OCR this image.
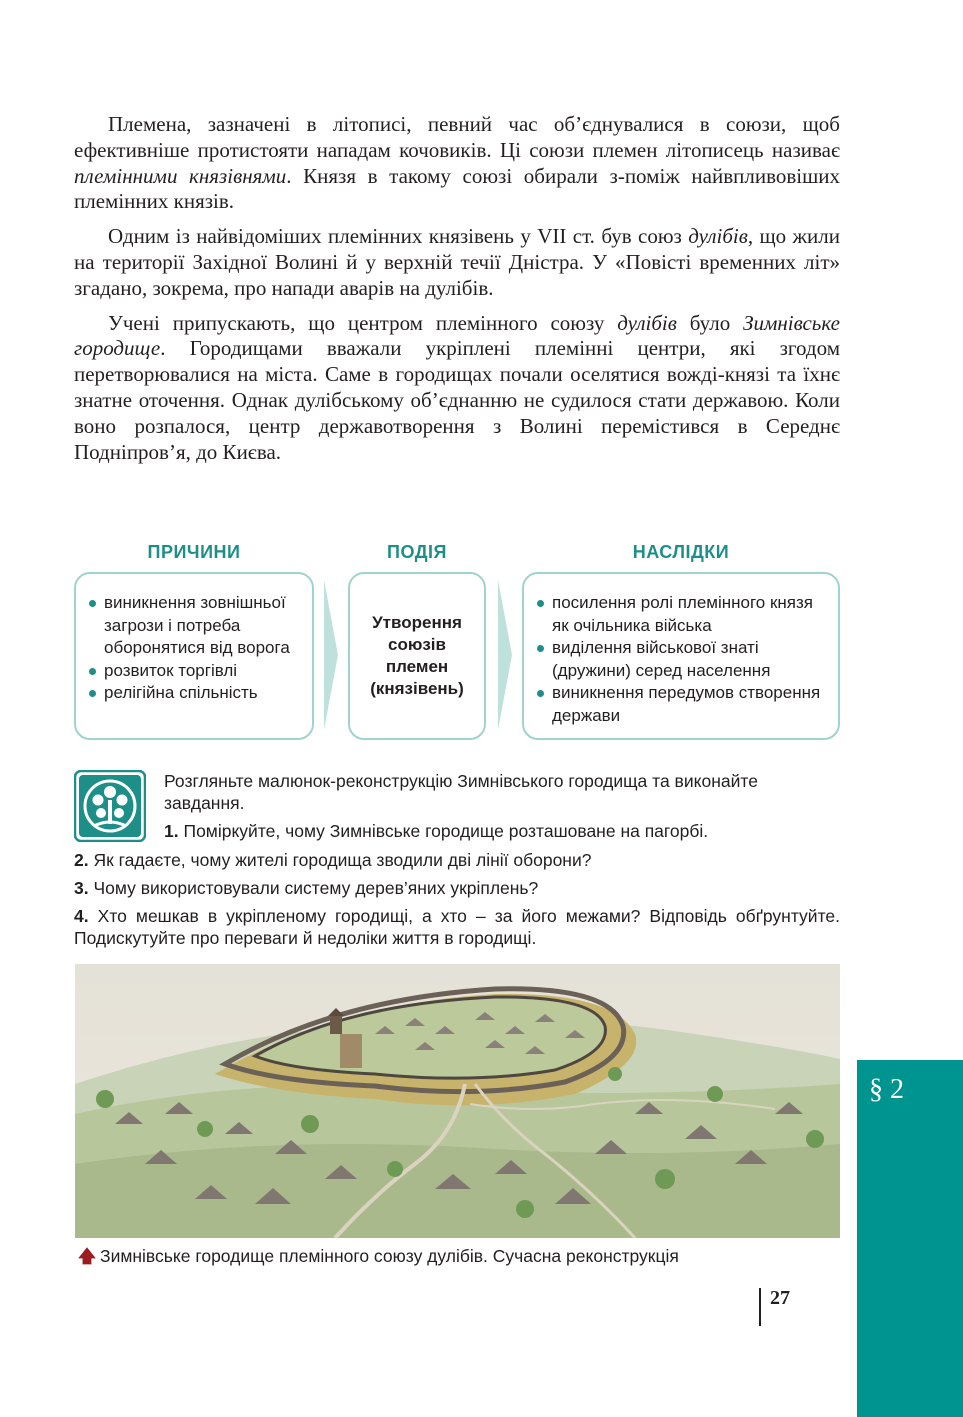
Племена, зазначені в літописі, певний час об’єднувалися в союзи, щоб ефективніше протистояти нападам кочовиків. Ці союзи племен літописець називає племінними князівнями. Князя в такому союзі обирали з-поміж найвпливовіших племінних князів.

Одним із найвідоміших племінних князівень у VII ст. був союз дулібів, що жили на території Західної Волині й у верхній течії Дністра. У «Повісті временних літ» згадано, зокрема, про напади аварів на дулібів.

Учені припускають, що центром племінного союзу дулібів було Зимнівське городище. Городищами вважали укріплені племінні центри, які згодом перетворювалися на міста. Саме в городищах почали оселятися вожді-князі та їхнє знатне оточення. Однак дулібському об’єднанню не судилося стати державою. Коли воно розпалося, центр державотворення з Волині перемістився в Середнє Подніпров’я, до Києва.

ПРИЧИНИ	ПОДІЯ	НАСЛІДКИ
виникнення зовнішньої загрози і потреба оборонятися від ворога
розвиток торгівлі
релігійна спільність
Утворення союзів племен (князівень)
посилення ролі племінного князя як очільника війська
виділення військової знаті (дружини) серед населення
виникнення передумов створення держави
Розгляньте малюнок-реконструкцію Зимнівського городища та виконайте завдання.
1. Поміркуйте, чому Зимнівське городище розташоване на пагорбі.
2. Як гадаєте, чому жителі городища зводили дві лінії оборони?
3. Чому використовували систему дерев’яних укріплень?
4. Хто мешкав в укріпленому городищі, а хто – за його межами? Відповідь обґрунтуйте. Подискутуйте про переваги й недоліки життя в городищі.
🡅 Зимнівське городище племінного союзу дулібів. Сучасна реконструкція
27
§ 2
